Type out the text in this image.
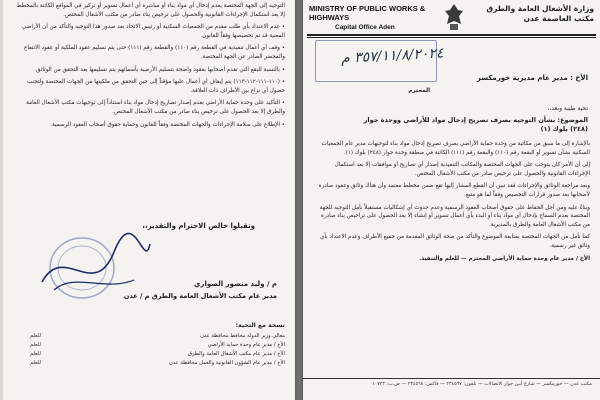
التوجيه إلى الجهة المختصة بعدم إدخال أي مواد بناء أو مباشرة أي أعمال تسوير أو تركيز في المواقع الكائنة بالمخطط إلا بعد استكمال الإجراءات القانونية والحصول على ترخيص بناء صادر من مكتب الأشغال المختص.

• عدم الاعتداد بأي طلب مقدم من الجمعيات السكنية أو رئيس الاتحاد بعد صدور هذا التوجيه والتأكد من أن الأراضي المعنية قد تم تخصيصها وفقاً للقانون.

• وقف أي أعمال تنفيذية في القطعة رقم (١١٠) والقطعة رقم (١١١) حتى يتم تسليم عقود الملكية أو عقود الانتفاع والمحضر الصادر عن الجهة المختصة.

• بالنسبة للبقع التي تقدم أصحابها بعقود واضحة بتسليم الأرضية بأسمائهم يتم تسليمها بعد التحقق من الوثائق.

• (١١٠-١١١-١١٢-١١٣) يتم إيقاف أي أعمال عليها مؤقتاً إلى حين التحقق من ملكيتها من الجهات المختصة ولتجنب حصول أي نزاع بين الأطراف ذات العلاقة.

• التأكيد على وحدة حماية الأراضي بعدم إصدار تصاريح إدخال مواد بناء استناداً إلى توجيهات مكتب الأشغال العامة والطرق إلا بعد الحصول على ترخيص بناء صادر من مكتب الأشغال المختص.

• الإطلاع على سلامة الإجراءات والجهات المختصة وفقاً للقانون وحماية حقوق أصحاب العقود الرسمية.

وتقبلوا خالص الاحترام والتقدير،،
م / وليد منصور الصواري
مدير عام مكتب الأشغال العامة والطرق م / عدن
نسخة مع التحية:
معالي وزير الدولة محافظ محافظة عدن
للعلم
الأخ / مدير عام وحدة حماية الأراضي
للعلم
الأخ / مدير عام مكتب الأشغال العامة والطرق
للعلم
الأخ / مدير عام الشؤون القانونية والعمل محافظة عدن
للعلم
MINISTRY OF PUBLIC WORKS & HIGHWAYS
Capital Office Aden
وزارة الأشغال العامة والطرق مكتب العاصمة عدن
٣٥٧/١١/٨/٢٠٢٤ م
الأخ : مدير عام مديرية خورمكسر
المحترم
تحية طيبة وبعد،،
الموضوع: بشأن التوجيه بصرف تصريح إدخال مواد للأراضي ووحدة جوار (٢٤٨) بلوك (١)

بالإشارة إلى ما سبق من مكاتبة من وحدة حماية الأراضي بصرف تصريح إدخال مواد بناء لتوجيهات مدير عام الجمعيات السكنية بشأن تسوير أو البقعة رقم (١١٠) والبقعة رقم (١١١) الكائنة في منطقة وحدة جوار (٢٤٨) بلوك (١).

إلى أن الأمر كان يتوجب على الجهات المختصة والمكاتب التنفيذية إصدار أي تصاريح أو موافقات إلا بعد استكمال الإجراءات القانونية والحصول على ترخيص صادر من مكتب الأشغال المختص.

وبعد مراجعة الوثائق والإجراءات فقد تبين أن القطع المشار إليها تقع ضمن مخطط معتمد وأن هناك وثائق وعقود صادرة لأصحابها بعد صدور قرارات التخصيص وفقاً لما هو متبع.

وبناءً عليه ومن أجل الحفاظ على حقوق أصحاب العقود الرسمية وعدم حدوث أي إشكاليات مستقبلاً نأمل التوجيه للجهة المختصة بعدم السماح بإدخال أي مواد بناء أو البدء بأي أعمال تسوير أو إنشاء إلا بعد الحصول على تراخيص بناء صادرة من مكتب الأشغال العامة والطرق بالمديرية.

كما نأمل من الجهات المختصة بمتابعة الموضوع والتأكد من صحة الوثائق المقدمة من جميع الأطراف وعدم الاعتداد بأي وثائق غير رسمية.

الأخ / مدير عام وحدة حماية الأراضي المحترم — للعلم والتنفيذ.

مكتب عدن — خورمكسر — شارع أبين جوار الاتصالات — تلفون: ٢٣٤٥٦٧ — فاكس: ٢٣٤٥٦٨ — ص.ب: ١٠٧٢٣
